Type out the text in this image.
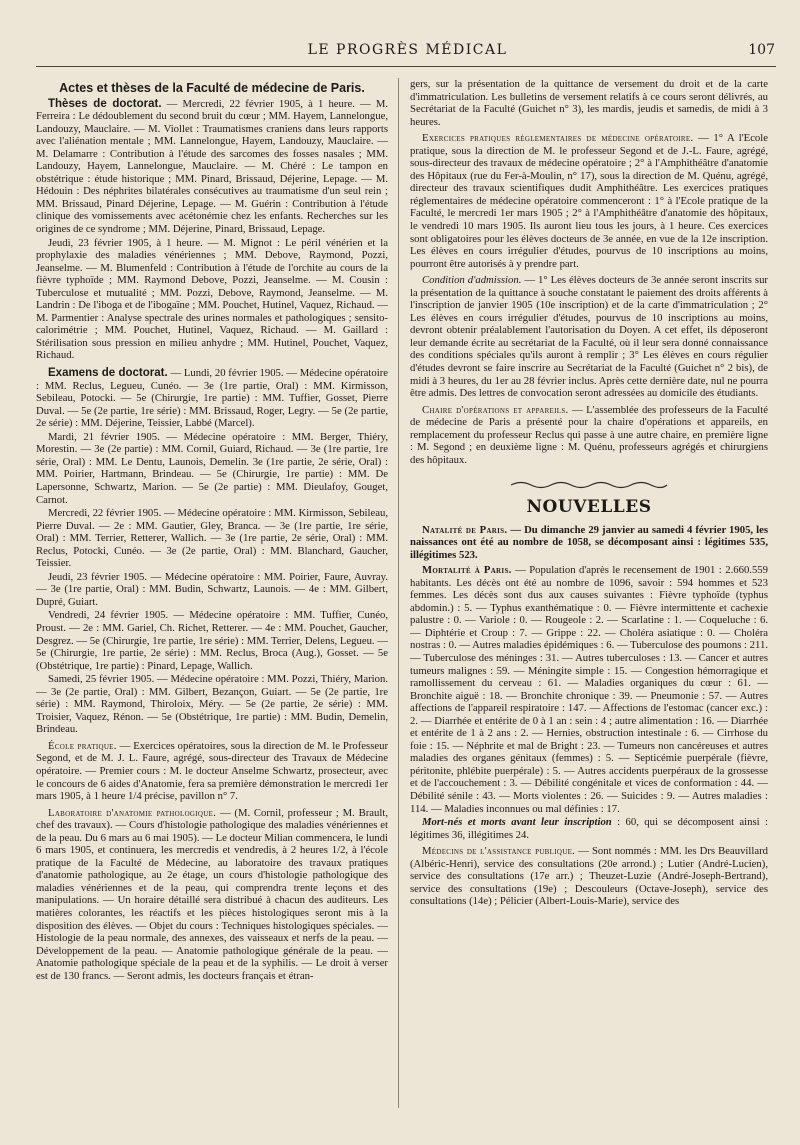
LE PROGRÈS MÉDICAL	107
Actes et thèses de la Faculté de médecine de Paris.

Thèses de doctorat. — Mercredi, 22 février 1905, à 1 heure. — M. Ferreira : Le dédoublement du second bruit du cœur ; MM. Hayem, Lannelongue, Landouzy, Mauclaire. — M. Viollet : Traumatismes craniens dans leurs rapports avec l'aliénation mentale ; MM. Lannelongue, Hayem, Landouzy, Mauclaire. — M. Delamarre : Contribution à l'étude des sarcomes des fosses nasales ; MM. Landouzy, Hayem, Lannelongue, Mauclaire. — M. Chéré : Le tampon en obstétrique : étude historique ; MM. Pinard, Brissaud, Déjerine, Lepage. — M. Hédouin : Des néphrites bilatérales consécutives au traumatisme d'un seul rein ; MM. Brissaud, Pinard Déjerine, Lepage. — M. Guérin : Contribution à l'étude clinique des vomissements avec acétonémie chez les enfants. Recherches sur les origines de ce syndrome ; MM. Déjerine, Pinard, Brissaud, Lepage.

Jeudi, 23 février 1905, à 1 heure. — M. Mignot : Le péril vénérien et la prophylaxie des maladies vénériennes ; MM. Debove, Raymond, Pozzi, Jeanselme. — M. Blumenfeld : Contribution à l'étude de l'orchite au cours de la fièvre typhoïde ; MM. Raymond Debove, Pozzi, Jeanselme. — M. Cousin : Tuberculose et mutualité ; MM. Pozzi, Debove, Raymond, Jeanselme. — M. Landrin : De l'iboga et de l'ibogaïne ; MM. Pouchet, Hutinel, Vaquez, Richaud. — M. Parmentier : Analyse spectrale des urines normales et pathologiques ; sensito-calorimétrie ; MM. Pouchet, Hutinel, Vaquez, Richaud. — M. Gaillard : Stérilisation sous pression en milieu anhydre ; MM. Hutinel, Pouchet, Vaquez, Richaud.

Examens de doctorat. — Lundi, 20 février 1905. — Médecine opératoire : MM. Reclus, Legueu, Cunéo. — 3e (1re partie, Oral) : MM. Kirmisson, Sebileau, Potocki. — 5e (Chirurgie, 1re partie) : MM. Tuffier, Gosset, Pierre Duval. — 5e (2e partie, 1re série) : MM. Brissaud, Roger, Legry. — 5e (2e partie, 2e série) : MM. Déjerine, Teissier, Labbé (Marcel).

Mardi, 21 février 1905. — Médecine opératoire : MM. Berger, Thiéry, Morestin. — 3e (2e partie) : MM. Cornil, Guiard, Richaud. — 3e (1re partie, 1re série, Oral) : MM. Le Dentu, Launois, Demelin. 3e (1re partie, 2e série, Oral) : MM. Poirier, Hartmann, Brindeau. — 5e (Chirurgie, 1re partie) : MM. De Lapersonne, Schwartz, Marion. — 5e (2e partie) : MM. Dieulafoy, Gouget, Carnot.

Mercredi, 22 février 1905. — Médecine opératoire : MM. Kirmisson, Sebileau, Pierre Duval. — 2e : MM. Gautier, Gley, Branca. — 3e (1re partie, 1re série, Oral) : MM. Terrier, Retterer, Wallich. — 3e (1re partie, 2e série, Oral) : MM. Reclus, Potocki, Cunéo. — 3e (2e partie, Oral) : MM. Blanchard, Gaucher, Teissier.

Jeudi, 23 février 1905. — Médecine opératoire : MM. Poirier, Faure, Auvray. — 3e (1re partie, Oral) : MM. Budin, Schwartz, Launois. — 4e : MM. Gilbert, Dupré, Guiart.

Vendredi, 24 février 1905. — Médecine opératoire : MM. Tuffier, Cunéo, Proust. — 2e : MM. Gariel, Ch. Richet, Retterer. — 4e : MM. Pouchet, Gaucher, Desgrez. — 5e (Chirurgie, 1re partie, 1re série) : MM. Terrier, Delens, Legueu. — 5e (Chirurgie, 1re partie, 2e série) : MM. Reclus, Broca (Aug.), Gosset. — 5e (Obstétrique, 1re partie) : Pinard, Lepage, Wallich.

Samedi, 25 février 1905. — Médecine opératoire : MM. Pozzi, Thiéry, Marion. — 3e (2e partie, Oral) : MM. Gilbert, Bezançon, Guiart. — 5e (2e partie, 1re série) : MM. Raymond, Thiroloix, Méry. — 5e (2e partie, 2e série) : MM. Troisier, Vaquez, Rénon. — 5e (Obstétrique, 1re partie) : MM. Budin, Demelin, Brindeau.

École pratique. — Exercices opératoires, sous la direction de M. le Professeur Segond, et de M. J. L. Faure, agrégé, sous-directeur des Travaux de Médecine opératoire. — Premier cours : M. le docteur Anselme Schwartz, prosecteur, avec le concours de 6 aides d'Anatomie, fera sa première démonstration le mercredi 1er mars 1905, à 1 heure 1/4 précise, pavillon n° 7.

Laboratoire d'anatomie pathologique. — (M. Cornil, professeur ; M. Brault, chef des travaux). — Cours d'histologie pathologique des maladies vénériennes et de la peau. Du 6 mars au 6 mai 1905). — Le docteur Milian commencera, le lundi 6 mars 1905, et continuera, les mercredis et vendredis, à 2 heures 1/2, à l'école pratique de la Faculté de Médecine, au laboratoire des travaux pratiques d'anatomie pathologique, au 2e étage, un cours d'histologie pathologique des maladies vénériennes et de la peau, qui comprendra trente leçons et des manipulations. — Un horaire détaillé sera distribué à chacun des auditeurs. Les matières colorantes, les réactifs et les pièces histologiques seront mis à la disposition des élèves. — Objet du cours : Techniques histologiques spéciales. — Histologie de la peau normale, des annexes, des vaisseaux et nerfs de la peau. — Développement de la peau. — Anatomie pathologique générale de la peau. — Anatomie pathologique spéciale de la peau et de la syphilis. — Le droit à verser est de 130 francs. — Seront admis, les docteurs français et étran-

gers, sur la présentation de la quittance de versement du droit et de la carte d'immatriculation. Les bulletins de versement relatifs à ce cours seront délivrés, au Secrétariat de la Faculté (Guichet n° 3), les mardis, jeudis et samedis, de midi à 3 heures.

Exercices pratiques réglementaires de médecine opératoire. — 1° A l'Ecole pratique, sous la direction de M. le professeur Segond et de J.-L. Faure, agrégé, sous-directeur des travaux de médecine opératoire ; 2° à l'Amphithéâtre d'anatomie des Hôpitaux (rue du Fer-à-Moulin, n° 17), sous la direction de M. Quénu, agrégé, directeur des travaux scientifiques dudit Amphithéâtre. Les exercices pratiques réglementaires de médecine opératoire commenceront : 1° à l'Ecole pratique de la Faculté, le mercredi 1er mars 1905 ; 2° à l'Amphithéâtre d'anatomie des hôpitaux, le vendredi 10 mars 1905. Ils auront lieu tous les jours, à 1 heure. Ces exercices sont obligatoires pour les élèves docteurs de 3e année, en vue de la 12e inscription. Les élèves en cours irrégulier d'études, pourvus de 10 inscriptions au moins, pourront être autorisés à y prendre part.

Condition d'admission. — 1° Les élèves docteurs de 3e année seront inscrits sur la présentation de la quittance à souche constatant le paiement des droits afférents à l'inscription de janvier 1905 (10e inscription) et de la carte d'immatriculation ; 2° Les élèves en cours irrégulier d'études, pourvus de 10 inscriptions au moins, devront obtenir préalablement l'autorisation du Doyen. A cet effet, ils déposeront leur demande écrite au secrétariat de la Faculté, où il leur sera donné connaissance des conditions spéciales qu'ils auront à remplir ; 3° Les élèves en cours régulier d'études devront se faire inscrire au Secrétariat de la Faculté (Guichet n° 2 bis), de midi à 3 heures, du 1er au 28 février inclus. Après cette dernière date, nul ne pourra être admis. Des lettres de convocation seront adressées au domicile des étudiants.

Chaire d'opérations et appareils. — L'assemblée des professeurs de la Faculté de médecine de Paris a présenté pour la chaire d'opérations et appareils, en remplacement du professeur Reclus qui passe à une autre chaire, en première ligne : M. Segond ; en deuxième ligne : M. Quénu, professeurs agrégés et chirurgiens des hôpitaux.

NOUVELLES

Natalité de Paris. — Du dimanche 29 janvier au samedi 4 février 1905, les naissances ont été au nombre de 1058, se décomposant ainsi : légitimes 535, illégitimes 523.

Mortalité à Paris. — Population d'après le recensement de 1901 : 2.660.559 habitants. Les décès ont été au nombre de 1096, savoir : 594 hommes et 523 femmes. Les décès sont dus aux causes suivantes : Fièvre typhoïde (typhus abdomin.) : 5. — Typhus exanthématique : 0. — Fièvre intermittente et cachexie palustre : 0. — Variole : 0. — Rougeole : 2. — Scarlatine : 1. — Coqueluche : 6. — Diphtérie et Croup : 7. — Grippe : 22. — Choléra asiatique : 0. — Choléra nostras : 0. — Autres maladies épidémiques : 6. — Tuberculose des poumons : 211. — Tuberculose des méninges : 31. — Autres tuberculoses : 13. — Cancer et autres tumeurs malignes : 59. — Méningite simple : 15. — Congestion hémorragique et ramollissement du cerveau : 61. — Maladies organiques du cœur : 61. — Bronchite aiguë : 18. — Bronchite chronique : 39. — Pneumonie : 57. — Autres affections de l'appareil respiratoire : 147. — Affections de l'estomac (cancer exc.) : 2. — Diarrhée et entérite de 0 à 1 an : sein : 4 ; autre alimentation : 16. — Diarrhée et entérite de 1 à 2 ans : 2. — Hernies, obstruction intestinale : 6. — Cirrhose du foie : 15. — Néphrite et mal de Bright : 23. — Tumeurs non cancéreuses et autres maladies des organes génitaux (femmes) : 5. — Septicémie puerpérale (fièvre, péritonite, phlébite puerpérale) : 5. — Autres accidents puerpéraux de la grossesse et de l'accouchement : 3. — Débilité congénitale et vices de conformation : 44. — Débilité sénile : 43. — Morts violentes : 26. — Suicides : 9. — Autres maladies : 114. — Maladies inconnues ou mal définies : 17.

Mort-nés et morts avant leur inscription : 60, qui se décomposent ainsi : légitimes 36, illégitimes 24.

Médecins de l'assistance publique. — Sont nommés : MM. les Drs Beauvillard (Albéric-Henri), service des consultations (20e arrond.) ; Lutier (André-Lucien), service des consultations (17e arr.) ; Theuzet-Luzie (André-Joseph-Bertrand), service des consultations (19e) ; Descouleurs (Octave-Joseph), service des consultations (14e) ; Pélicier (Albert-Louis-Marie), service des
